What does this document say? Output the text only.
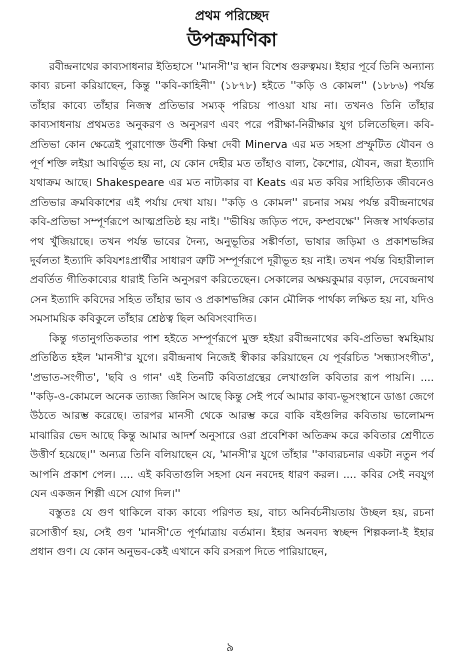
প্রথম পরিচ্ছেদ
উপক্রমণিকা

রবীন্দ্রনাথের কাব্যসাধনার ইতিহাসে ''মানসী''র স্থান বিশেষ গুরুত্বময়। ইহার পূর্বে তিনি অন্যান্য কাব্য রচনা করিয়াছেন, কিন্তু ''কবি-কাহিনী'' (১৮৭৮) হইতে ''কড়ি ও কোমল'' (১৮৮৬) পর্যন্ত তাঁহার কাব্যে তাঁহার নিজস্ব প্রতিভার সম্যক্ পরিচয় পাওয়া যায় না। তখনও তিনি তাঁহার কাব্যসাধনায় প্রথমতঃ অনুকরণ ও অনুসরণ এবং পরে পরীক্ষা-নিরীক্ষার যুগ চলিতেছিল। কবি-প্রতিভা কোন ক্ষেত্রেই পুরাণোক্ত উর্বশী কিম্বা দেবী Minerva এর মত সহসা প্রস্ফুটিত যৌবন ও পূর্ণ শক্তি লইয়া আবির্ভূত হয় না, যে কোন দেহীর মত তাঁহাও বাল্য, কৈশোর, যৌবন, জরা ইত্যাদি যথাক্রম আছে। Shakespeare এর মত নাট্যকার বা Keats এর মত কবির সাহিত্যিক জীবনেও প্রতিভার ক্রমবিকাশের এই পর্যায় দেখা যায়। ''কড়ি ও কোমল'' রচনার সময় পর্যন্ত রবীন্দ্রনাথের কবি-প্রতিভা সম্পূর্ণরূপে আত্মপ্রতিষ্ঠ হয় নাই। ''ভীষিয় জড়িত পদে, কম্প্রবক্ষে'' নিজস্ব সার্থকতার পথ খুঁজিয়াছে। তখন পর্যন্ত ভাবের দৈন্য, অনুভূতির সঙ্কীর্ণতা, ভাষার জড়িমা ও প্রকাশভঙ্গির দুর্বলতা ইত্যাদি কবিযশঃপ্রার্থীর সাধারণ ত্রুটি সম্পূর্ণরূপে দূরীভূত হয় নাই। তখন পর্যন্ত বিহারীলাল প্রবর্তিত গীতিকাব্যের ধারাই তিনি অনুসরণ করিতেছেন। সেকালের অক্ষয়কুমার বড়াল, দেবেন্দ্রনাথ সেন ইত্যাদি কবিদের সহিত তাঁহার ভাব ও প্রকাশভঙ্গির কোন মৌলিক পার্থক্য লক্ষিত হয় না, যদিও সমসাময়িক কবিকুলে তাঁহার শ্রেষ্ঠত্ব ছিল অবিসংবাদিত।

কিন্তু গতানুগতিকতার পাশ হইতে সম্পূর্ণরূপে মুক্ত হইয়া রবীন্দ্রনাথের কবি-প্রতিভা স্বমহিমায় প্রতিষ্ঠিত হইল 'মানসী'র যুগে। রবীন্দ্রনাথ নিজেই স্বীকার করিয়াছেন যে পূর্বরচিত 'সন্ধ্যাসংগীত', 'প্রভাত-সংগীত', 'ছবি ও গান' এই তিনটি কবিতাগ্রন্থের লেখাগুলি কবিতার রূপ পায়নি। .... ''কড়ি-ও-কোমলে অনেক ত্যাজ্য জিনিস আছে কিন্তু সেই পর্বে আমার কাব্য-ভূসংস্থানে ডাঙা জেগে উঠতে আরম্ভ করেছে। তারপর মানসী থেকে আরম্ভ করে বাকি বইগুলির কবিতায় ভালোমন্দ মাঝারির ভেদ আছে কিন্তু আমার আদর্শ অনুসারে ওরা প্রবেশিকা অতিক্রম করে কবিতার শ্রেণীতে উত্তীর্ণ হয়েছে।'' অন্যত্র তিনি বলিয়াছেন যে, 'মানসী'র যুগে তাঁহার ''কাব্যরচনার একটা নতুন পর্ব আপনি প্রকাশ পেল। .... এই কবিতাগুলি সহসা যেন নবদেহ ধারণ করল। .... কবির সেই নবযুগ যেন একজন শিল্পী এসে যোগ দিল।''

বস্তুতঃ যে গুণ থাকিলে বাক্য কাব্যে পরিণত হয়, বাচ্য অনির্বচনীয়তায় উচ্ছল হয়, রচনা রসোত্তীর্ণ হয়, সেই গুণ 'মানসী'তে পূর্ণমাত্রায় বর্তমান। ইহার অনবদ্য স্বচ্ছন্দ শিল্পকলা-ই ইহার প্রধান গুণ। যে কোন অনুভব-কেই এখানে কবি রসরূপ দিতে পারিয়াছেন,

৯
